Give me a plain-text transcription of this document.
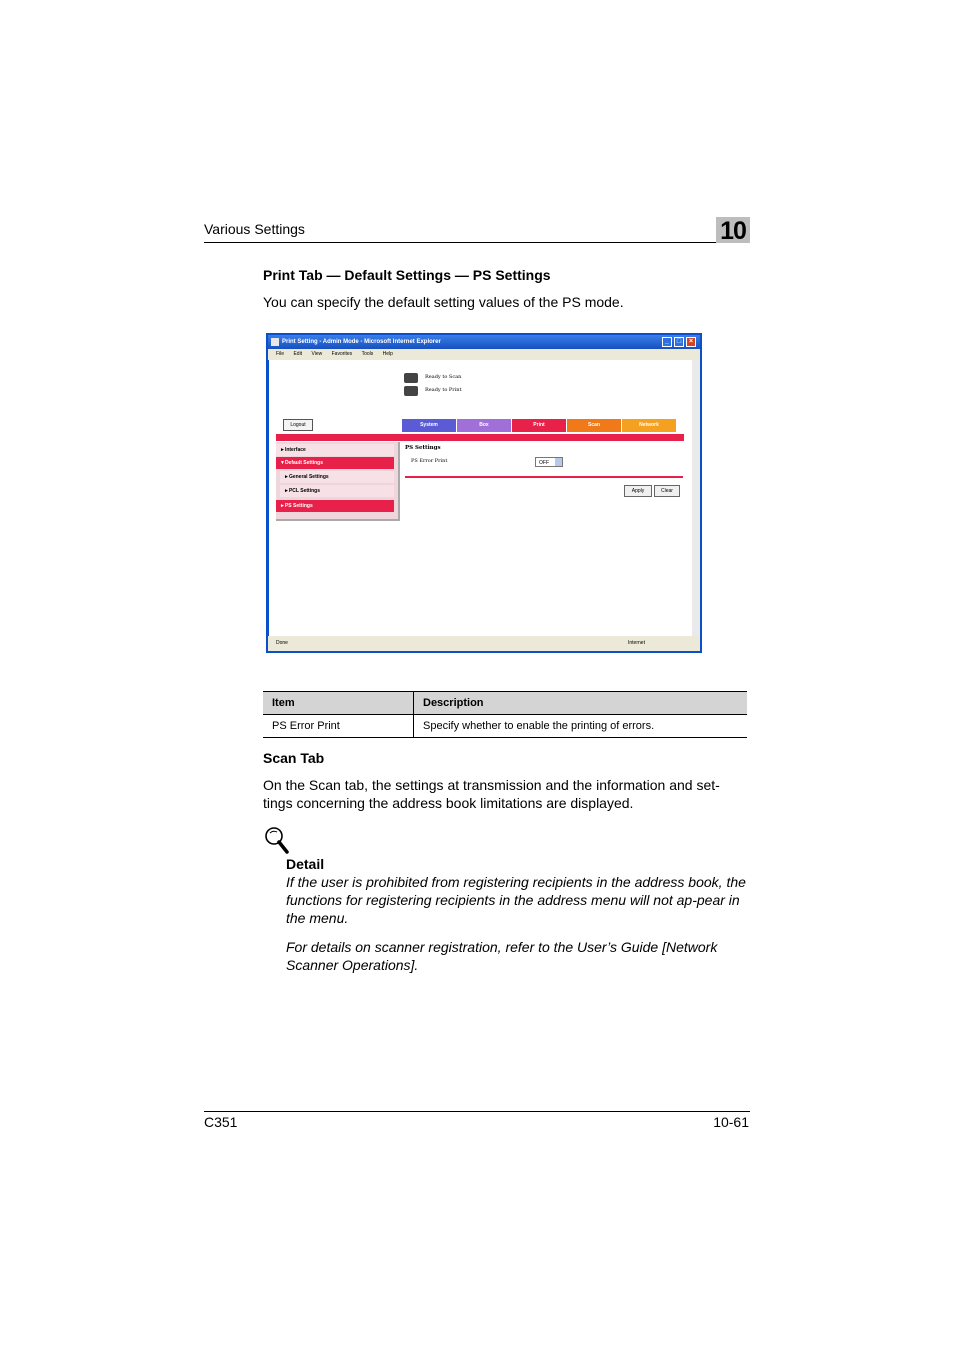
Various Settings	10
Print Tab — Default Settings — PS Settings
You can specify the default setting values of the PS mode.
Print Setting - Admin Mode - Microsoft Internet Explorer	_	□	×
File Edit View Favorites Tools Help
Ready to Scan
Ready to Print
Logout	System	Box	Print	Scan	Network
►Interface
▼Default Settings
►General Settings
►PCL Settings
►PS Settings
PS Settings
PS Error Print	OFF
Apply	Clear
Done	Internet
Item	Description
PS Error Print	Specify whether to enable the printing of errors.
Scan Tab
On the Scan tab, the settings at transmission and the information and set-tings concerning the address book limitations are displayed.
Detail
If the user is prohibited from registering recipients in the address book, the functions for registering recipients in the address menu will not ap-pear in the menu.
For details on scanner registration, refer to the User’s Guide [Network Scanner Operations].
C351	10-61
